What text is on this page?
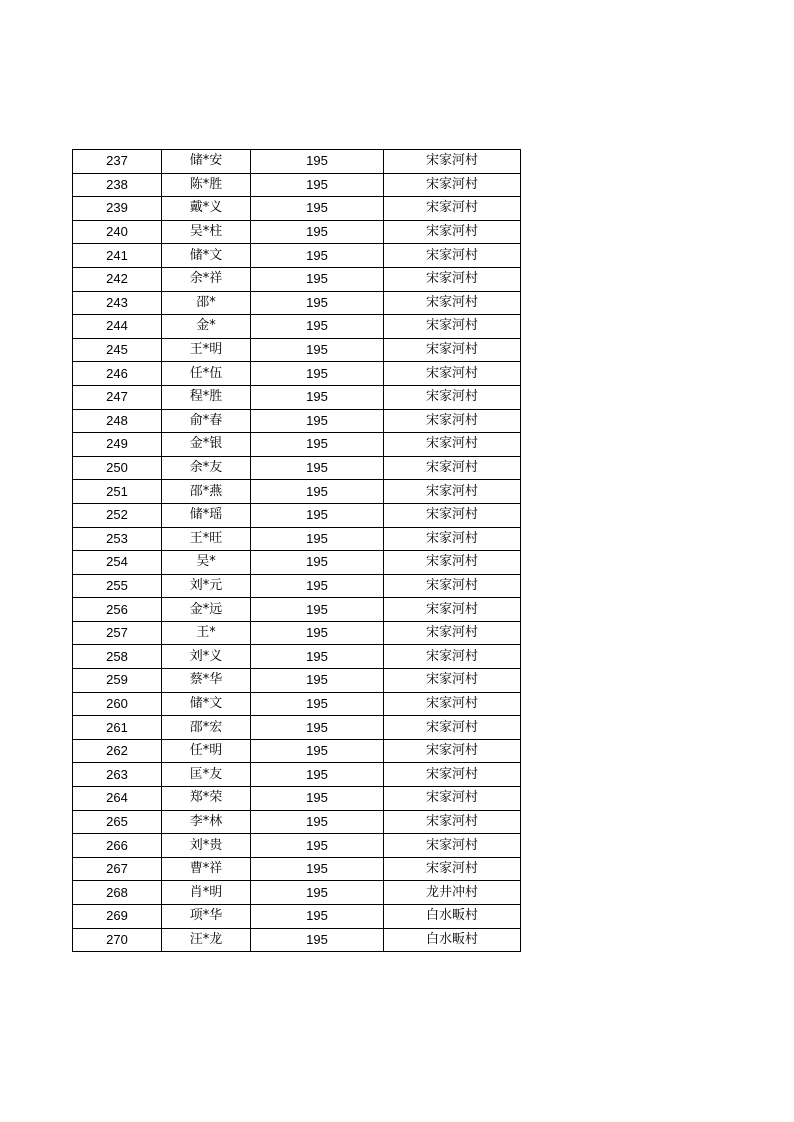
237	储*安	195	宋家河村
238	陈*胜	195	宋家河村
239	戴*义	195	宋家河村
240	吴*柱	195	宋家河村
241	储*文	195	宋家河村
242	余*祥	195	宋家河村
243	邵*	195	宋家河村
244	金*	195	宋家河村
245	王*明	195	宋家河村
246	任*伍	195	宋家河村
247	程*胜	195	宋家河村
248	俞*春	195	宋家河村
249	金*银	195	宋家河村
250	余*友	195	宋家河村
251	邵*燕	195	宋家河村
252	储*瑶	195	宋家河村
253	王*旺	195	宋家河村
254	吴*	195	宋家河村
255	刘*元	195	宋家河村
256	金*远	195	宋家河村
257	王*	195	宋家河村
258	刘*义	195	宋家河村
259	蔡*华	195	宋家河村
260	储*文	195	宋家河村
261	邵*宏	195	宋家河村
262	任*明	195	宋家河村
263	匡*友	195	宋家河村
264	郑*荣	195	宋家河村
265	李*林	195	宋家河村
266	刘*贵	195	宋家河村
267	曹*祥	195	宋家河村
268	肖*明	195	龙井冲村
269	项*华	195	白水畈村
270	汪*龙	195	白水畈村
